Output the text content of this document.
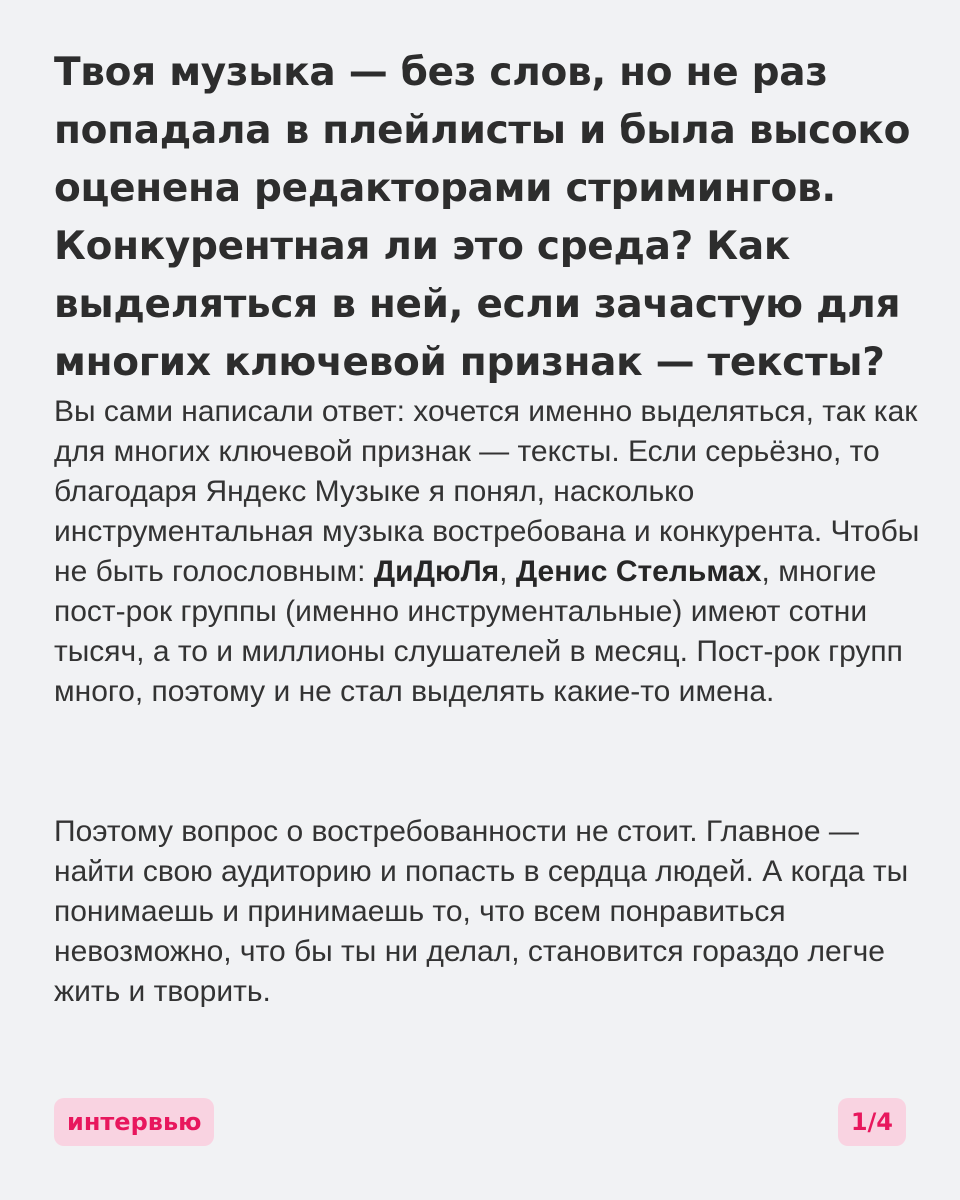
Твоя музыка — без слов, но не раз попадала в плейлисты и была высоко оценена редакторами стримингов. Конкурентная ли это среда? Как выделяться в ней, если зачастую для многих ключевой признак — тексты?

Вы сами написали ответ: хочется именно выделяться, так как для многих ключевой признак — тексты. Если серьёзно, то благодаря Яндекс Музыке я понял, насколько инструментальная музыка востребована и конкурента. Чтобы не быть голословным: ДиДюЛя, Денис Стельмах, многие пост-рок группы (именно инструментальные) имеют сотни тысяч, а то и миллионы слушателей в месяц. Пост-рок групп много, поэтому и не стал выделять какие-то имена.

Поэтому вопрос о востребованности не стоит. Главное — найти свою аудиторию и попасть в сердца людей. А когда ты понимаешь и принимаешь то, что всем понравиться невозможно, что бы ты ни делал, становится гораздо легче жить и творить.

интервью	1/4
